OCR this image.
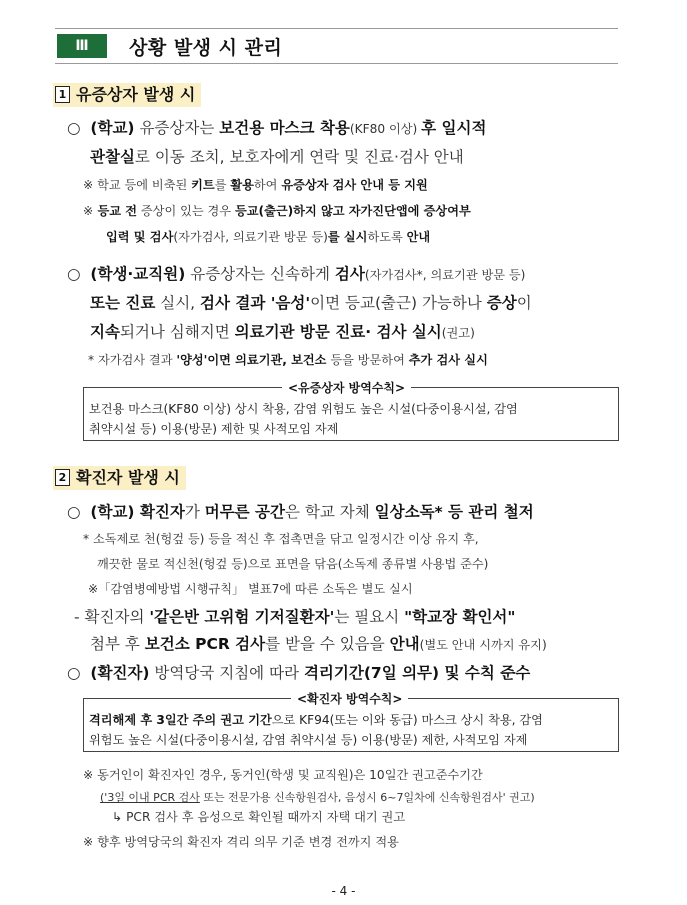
Ⅲ 상황 발생 시 관리
1 유증상자 발생 시
○ (학교) 유증상자는 보건용 마스크 착용(KF80 이상) 후 일시적
관찰실로 이동 조치, 보호자에게 연락 및 진료·검사 안내
※ 학교 등에 비축된 키트를 활용하여 유증상자 검사 안내 등 지원
※ 등교 전 증상이 있는 경우 등교(출근)하지 않고 자가진단앱에 증상여부
입력 및 검사(자가검사, 의료기관 방문 등)를 실시하도록 안내
○ (학생·교직원) 유증상자는 신속하게 검사(자가검사*, 의료기관 방문 등)
또는 진료 실시, 검사 결과 '음성'이면 등교(출근) 가능하나 증상이
지속되거나 심해지면 의료기관 방문 진료· 검사 실시(권고)
* 자가검사 결과 '양성'이면 의료기관, 보건소 등을 방문하여 추가 검사 실시
<유증상자 방역수칙>
보건용 마스크(KF80 이상) 상시 착용, 감염 위험도 높은 시설(다중이용시설, 감염
취약시설 등) 이용(방문) 제한 및 사적모임 자제
2 확진자 발생 시
○ (학교) 확진자가 머무른 공간은 학교 자체 일상소독* 등 관리 철저
* 소독제로 천(헝겊 등) 등을 적신 후 접촉면을 닦고 일정시간 이상 유지 후,
깨끗한 물로 적신천(헝겊 등)으로 표면을 닦음(소독제 종류별 사용법 준수)
※「감염병예방법 시행규칙」 별표7에 따른 소독은 별도 실시
- 확진자의 '같은반 고위험 기저질환자'는 필요시 "학교장 확인서"
첨부 후 보건소 PCR 검사를 받을 수 있음을 안내(별도 안내 시까지 유지)
○ (확진자) 방역당국 지침에 따라 격리기간(7일 의무) 및 수칙 준수
<확진자 방역수칙>
격리해제 후 3일간 주의 권고 기간으로 KF94(또는 이와 동급) 마스크 상시 착용, 감염
위험도 높은 시설(다중이용시설, 감염 취약시설 등) 이용(방문) 제한, 사적모임 자제
※ 동거인이 확진자인 경우, 동거인(학생 및 교직원)은 10일간 권고준수기간
('3일 이내 PCR 검사 또는 전문가용 신속항원검사, 음성시 6~7일차에 신속항원검사' 권고)
↳ PCR 검사 후 음성으로 확인될 때까지 자택 대기 권고
※ 향후 방역당국의 확진자 격리 의무 기준 변경 전까지 적용
- 4 -
